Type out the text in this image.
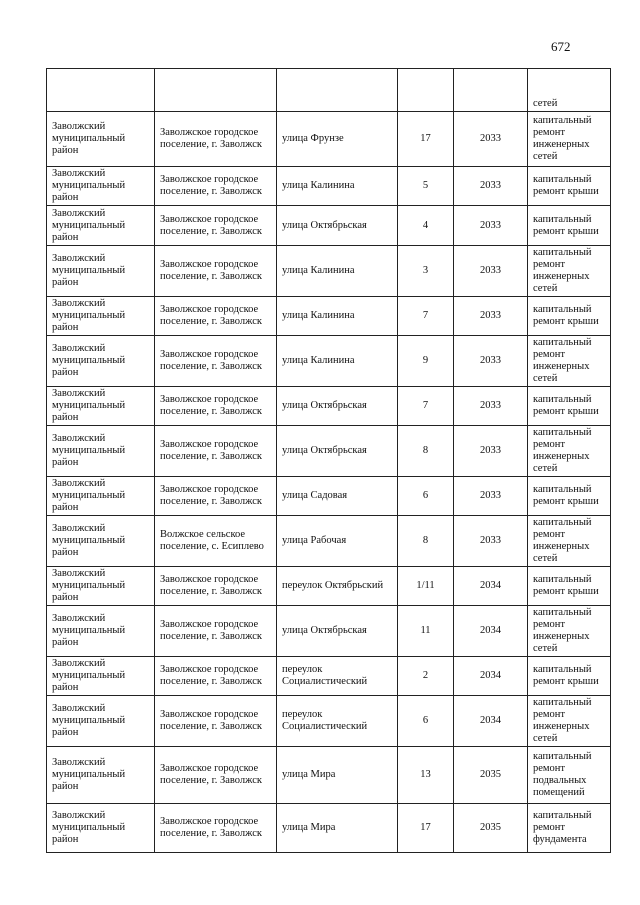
672
					сетей
Заволжский муниципальный район	Заволжское городское поселение, г. Заволжск	улица Фрунзе	17	2033	капитальный ремонт инженерных сетей
Заволжский муниципальный район	Заволжское городское поселение, г. Заволжск	улица Калинина	5	2033	капитальный ремонт крыши
Заволжский муниципальный район	Заволжское городское поселение, г. Заволжск	улица Октябрьская	4	2033	капитальный ремонт крыши
Заволжский муниципальный район	Заволжское городское поселение, г. Заволжск	улица Калинина	3	2033	капитальный ремонт инженерных сетей
Заволжский муниципальный район	Заволжское городское поселение, г. Заволжск	улица Калинина	7	2033	капитальный ремонт крыши
Заволжский муниципальный район	Заволжское городское поселение, г. Заволжск	улица Калинина	9	2033	капитальный ремонт инженерных сетей
Заволжский муниципальный район	Заволжское городское поселение, г. Заволжск	улица Октябрьская	7	2033	капитальный ремонт крыши
Заволжский муниципальный район	Заволжское городское поселение, г. Заволжск	улица Октябрьская	8	2033	капитальный ремонт инженерных сетей
Заволжский муниципальный район	Заволжское городское поселение, г. Заволжск	улица Садовая	6	2033	капитальный ремонт крыши
Заволжский муниципальный район	Волжское сельское поселение, с. Есиплево	улица Рабочая	8	2033	капитальный ремонт инженерных сетей
Заволжский муниципальный район	Заволжское городское поселение, г. Заволжск	переулок Октябрьский	1/11	2034	капитальный ремонт крыши
Заволжский муниципальный район	Заволжское городское поселение, г. Заволжск	улица Октябрьская	11	2034	капитальный ремонт инженерных сетей
Заволжский муниципальный район	Заволжское городское поселение, г. Заволжск	переулок Социалистический	2	2034	капитальный ремонт крыши
Заволжский муниципальный район	Заволжское городское поселение, г. Заволжск	переулок Социалистический	6	2034	капитальный ремонт инженерных сетей
Заволжский муниципальный район	Заволжское городское поселение, г. Заволжск	улица Мира	13	2035	капитальный ремонт подвальных помещений
Заволжский муниципальный район	Заволжское городское поселение, г. Заволжск	улица Мира	17	2035	капитальный ремонт фундамента
